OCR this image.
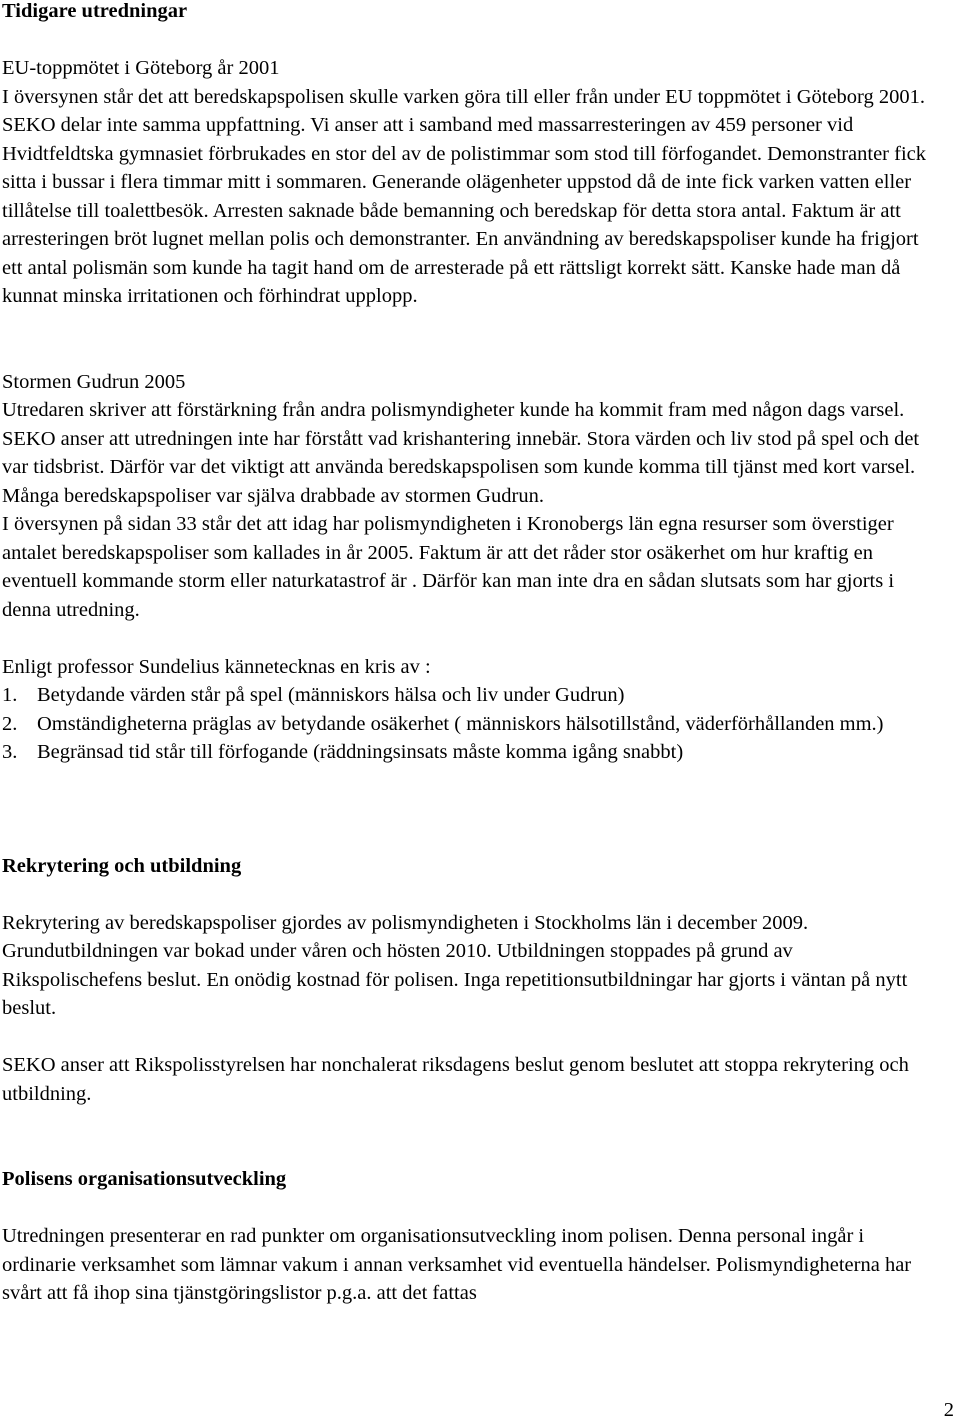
Tidigare utredningar

EU-toppmötet i Göteborg år 2001

I översynen står det att beredskapspolisen skulle varken göra till eller från under EU toppmötet i Göteborg 2001. SEKO delar inte samma uppfattning. Vi anser att i samband med massarresteringen av 459 personer vid Hvidtfeldtska gymnasiet förbrukades en stor del av de polistimmar som stod till förfogandet. Demonstranter fick sitta i bussar i flera timmar mitt i sommaren. Generande olägenheter uppstod då de inte fick varken vatten eller tillåtelse till toalettbesök. Arresten saknade både bemanning och beredskap för detta stora antal. Faktum är att arresteringen bröt lugnet mellan polis och demonstranter. En användning av beredskapspoliser kunde ha frigjort ett antal polismän som kunde ha tagit hand om de arresterade på ett rättsligt korrekt sätt. Kanske hade man då kunnat minska irritationen och förhindrat upplopp.

Stormen Gudrun 2005

Utredaren skriver att förstärkning från andra polismyndigheter kunde ha kommit fram med någon dags varsel. SEKO anser att utredningen inte har förstått vad krishantering innebär. Stora värden och liv stod på spel och det var tidsbrist. Därför var det viktigt att använda beredskapspolisen som kunde komma till tjänst med kort varsel. Många beredskapspoliser var själva drabbade av stormen Gudrun.

I översynen på sidan 33 står det att idag har polismyndigheten i Kronobergs län egna resurser som överstiger antalet beredskapspoliser som kallades in år 2005. Faktum är att det råder stor osäkerhet om hur kraftig en eventuell kommande storm eller naturkatastrof är . Därför kan man inte dra en sådan slutsats som har gjorts i denna utredning.

Enligt professor Sundelius kännetecknas en kris av :

1. Betydande värden står på spel (människors hälsa och liv under Gudrun)
2. Omständigheterna präglas av betydande osäkerhet ( människors hälsotillstånd, väderförhållanden mm.)
3. Begränsad tid står till förfogande (räddningsinsats måste komma igång snabbt)
Rekrytering och utbildning

Rekrytering av beredskapspoliser gjordes av polismyndigheten i Stockholms län i december 2009. Grundutbildningen var bokad under våren och hösten 2010. Utbildningen stoppades på grund av Rikspolischefens beslut. En onödig kostnad för polisen. Inga repetitionsutbildningar har gjorts i väntan på nytt beslut.

SEKO anser att Rikspolisstyrelsen har nonchalerat riksdagens beslut genom beslutet att stoppa rekrytering och utbildning.

Polisens organisationsutveckling

Utredningen presenterar en rad punkter om organisationsutveckling inom polisen. Denna personal ingår i ordinarie verksamhet som lämnar vakum i annan verksamhet vid eventuella händelser. Polismyndigheterna har svårt att få ihop sina tjänstgöringslistor p.g.a. att det fattas

2
